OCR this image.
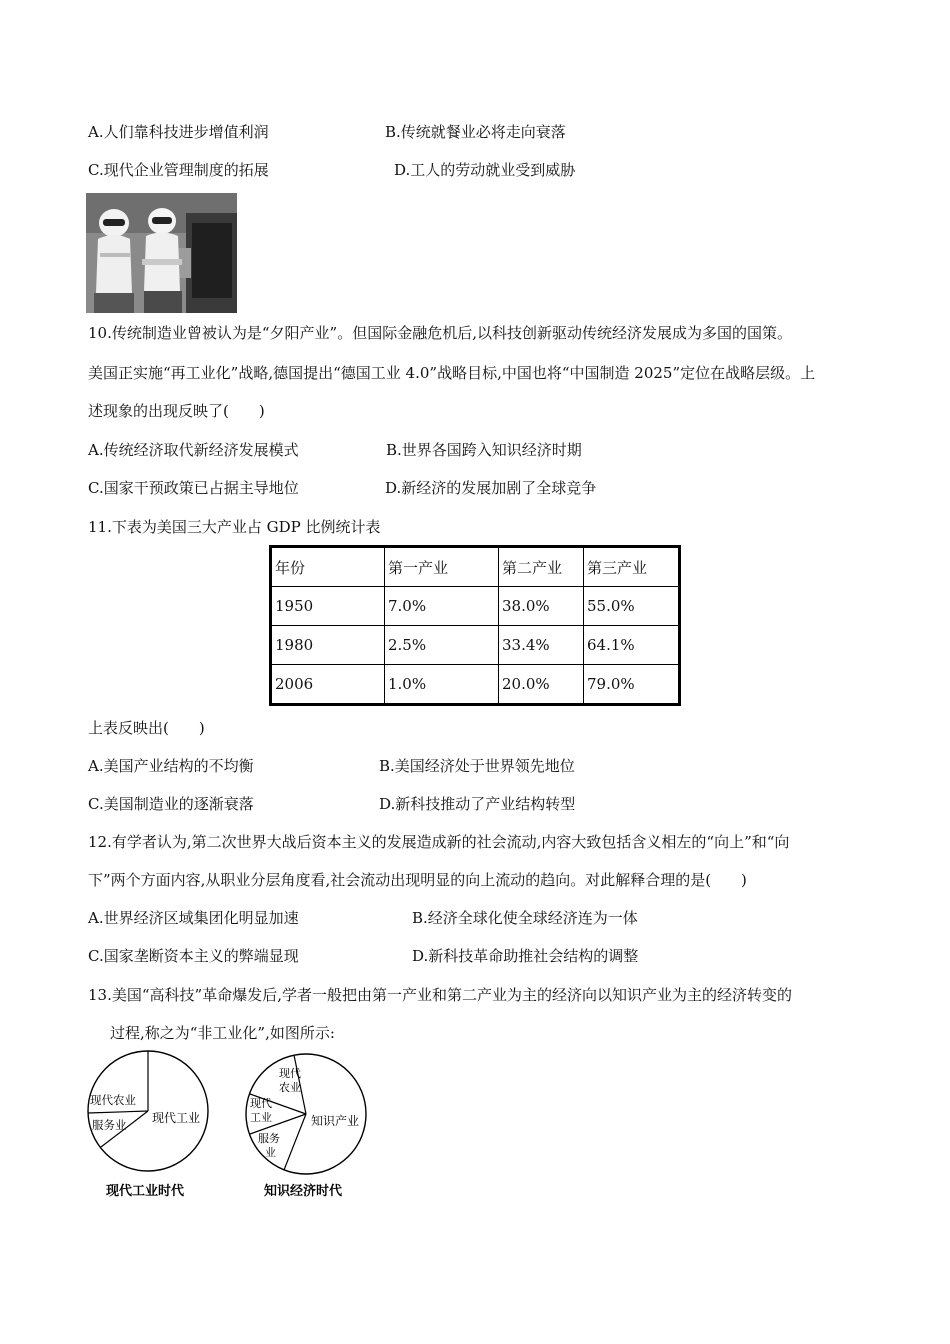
A.人们靠科技进步增值利润	B.传统就餐业必将走向衰落
C.现代企业管理制度的拓展	D.工人的劳动就业受到威胁
10.传统制造业曾被认为是“夕阳产业”。但国际金融危机后,以科技创新驱动传统经济发展成为多国的国策。
美国正实施“再工业化”战略,德国提出“德国工业 4.0”战略目标,中国也将“中国制造 2025”定位在战略层级。上
述现象的出现反映了(　　)
A.传统经济取代新经济发展模式	B.世界各国跨入知识经济时期
C.国家干预政策已占据主导地位	D.新经济的发展加剧了全球竞争
11.下表为美国三大产业占 GDP 比例统计表
年份	第一产业	第二产业	第三产业
1950	7.0%	38.0%	55.0%
1980	2.5%	33.4%	64.1%
2006	1.0%	20.0%	79.0%
上表反映出(　　)
A.美国产业结构的不均衡	B.美国经济处于世界领先地位
C.美国制造业的逐渐衰落	D.新科技推动了产业结构转型
12.有学者认为,第二次世界大战后资本主义的发展造成新的社会流动,内容大致包括含义相左的“向上”和“向
下”两个方面内容,从职业分层角度看,社会流动出现明显的向上流动的趋向。对此解释合理的是(　　)
A.世界经济区域集团化明显加速	B.经济全球化使全球经济连为一体
C.国家垄断资本主义的弊端显现	D.新科技革命助推社会结构的调整
13.美国“高科技”革命爆发后,学者一般把由第一产业和第二产业为主的经济向以知识产业为主的经济转变的
过程,称之为“非工业化”,如图所示:
现代农业
服务业 现代工业
现代工业时代
现代
农业
现代
工业
服务
业
知识产业
知识经济时代
